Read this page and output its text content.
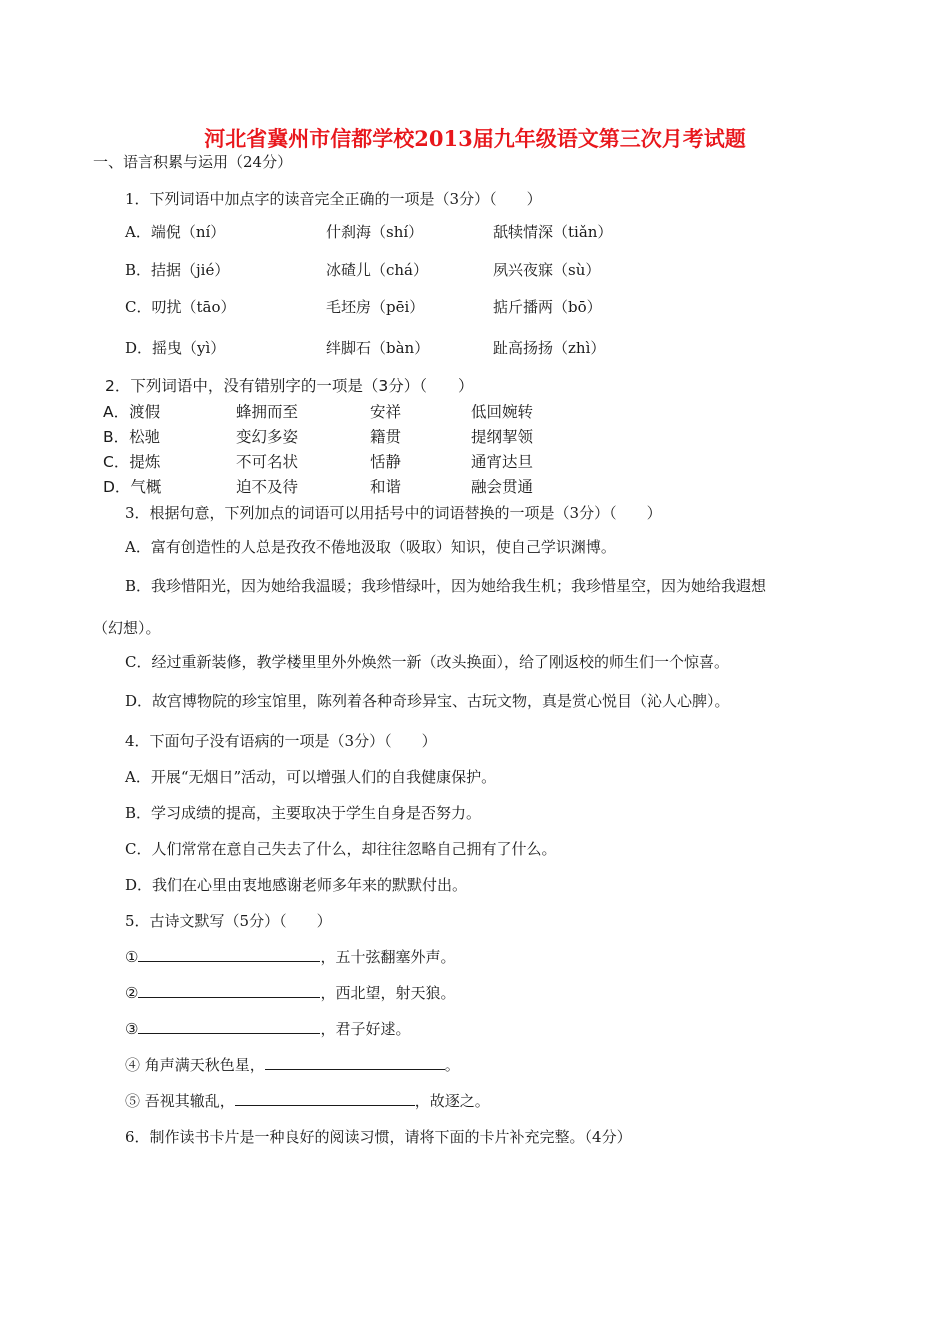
河北省冀州市信都学校2013届九年级语文第三次月考试题
一、语言积累与运用（24分）
1．下列词语中加点字的读音完全正确的一项是（3分）（　　）
A．端倪（ní）	什刹海（shí）	舐犊情深（tiǎn）
B．拮据（jié）	冰碴儿（chá）	夙兴夜寐（sù）
C．叨扰（tāo）	毛坯房（pēi）	掂斤播两（bō）
D．摇曳（yì）	绊脚石（bàn）	趾高扬扬（zhì）
2．下列词语中，没有错别字的一项是（3分）（　　）
A．渡假	蜂拥而至	安祥	低回婉转
B．松驰	变幻多姿	籍贯	提纲挈领
C．提炼	不可名状	恬静	通宵达旦
D．气概	迫不及待	和谐	融会贯通
3．根据句意，下列加点的词语可以用括号中的词语替换的一项是（3分）（　　）
A．富有创造性的人总是孜孜不倦地汲取（吸取）知识，使自己学识渊博。
B．我珍惜阳光，因为她给我温暖；我珍惜绿叶，因为她给我生机；我珍惜星空，因为她给我遐想
（幻想）。
C．经过重新装修，教学楼里里外外焕然一新（改头换面），给了刚返校的师生们一个惊喜。
D．故宫博物院的珍宝馆里，陈列着各种奇珍异宝、古玩文物，真是赏心悦目（沁人心脾）。
4．下面句子没有语病的一项是（3分）（　　）
A．开展“无烟日”活动，可以增强人们的自我健康保护。
B．学习成绩的提高，主要取决于学生自身是否努力。
C．人们常常在意自己失去了什么，却往往忽略自己拥有了什么。
D．我们在心里由衷地感谢老师多年来的默默付出。
5．古诗文默写（5分）（　　）
①	，五十弦翻塞外声。
②	，西北望，射天狼。
③	，君子好逑。
④ 角声满天秋色星，	。
⑤ 吾视其辙乱，	，故逐之。
6．制作读书卡片是一种良好的阅读习惯，请将下面的卡片补充完整。（4分）
